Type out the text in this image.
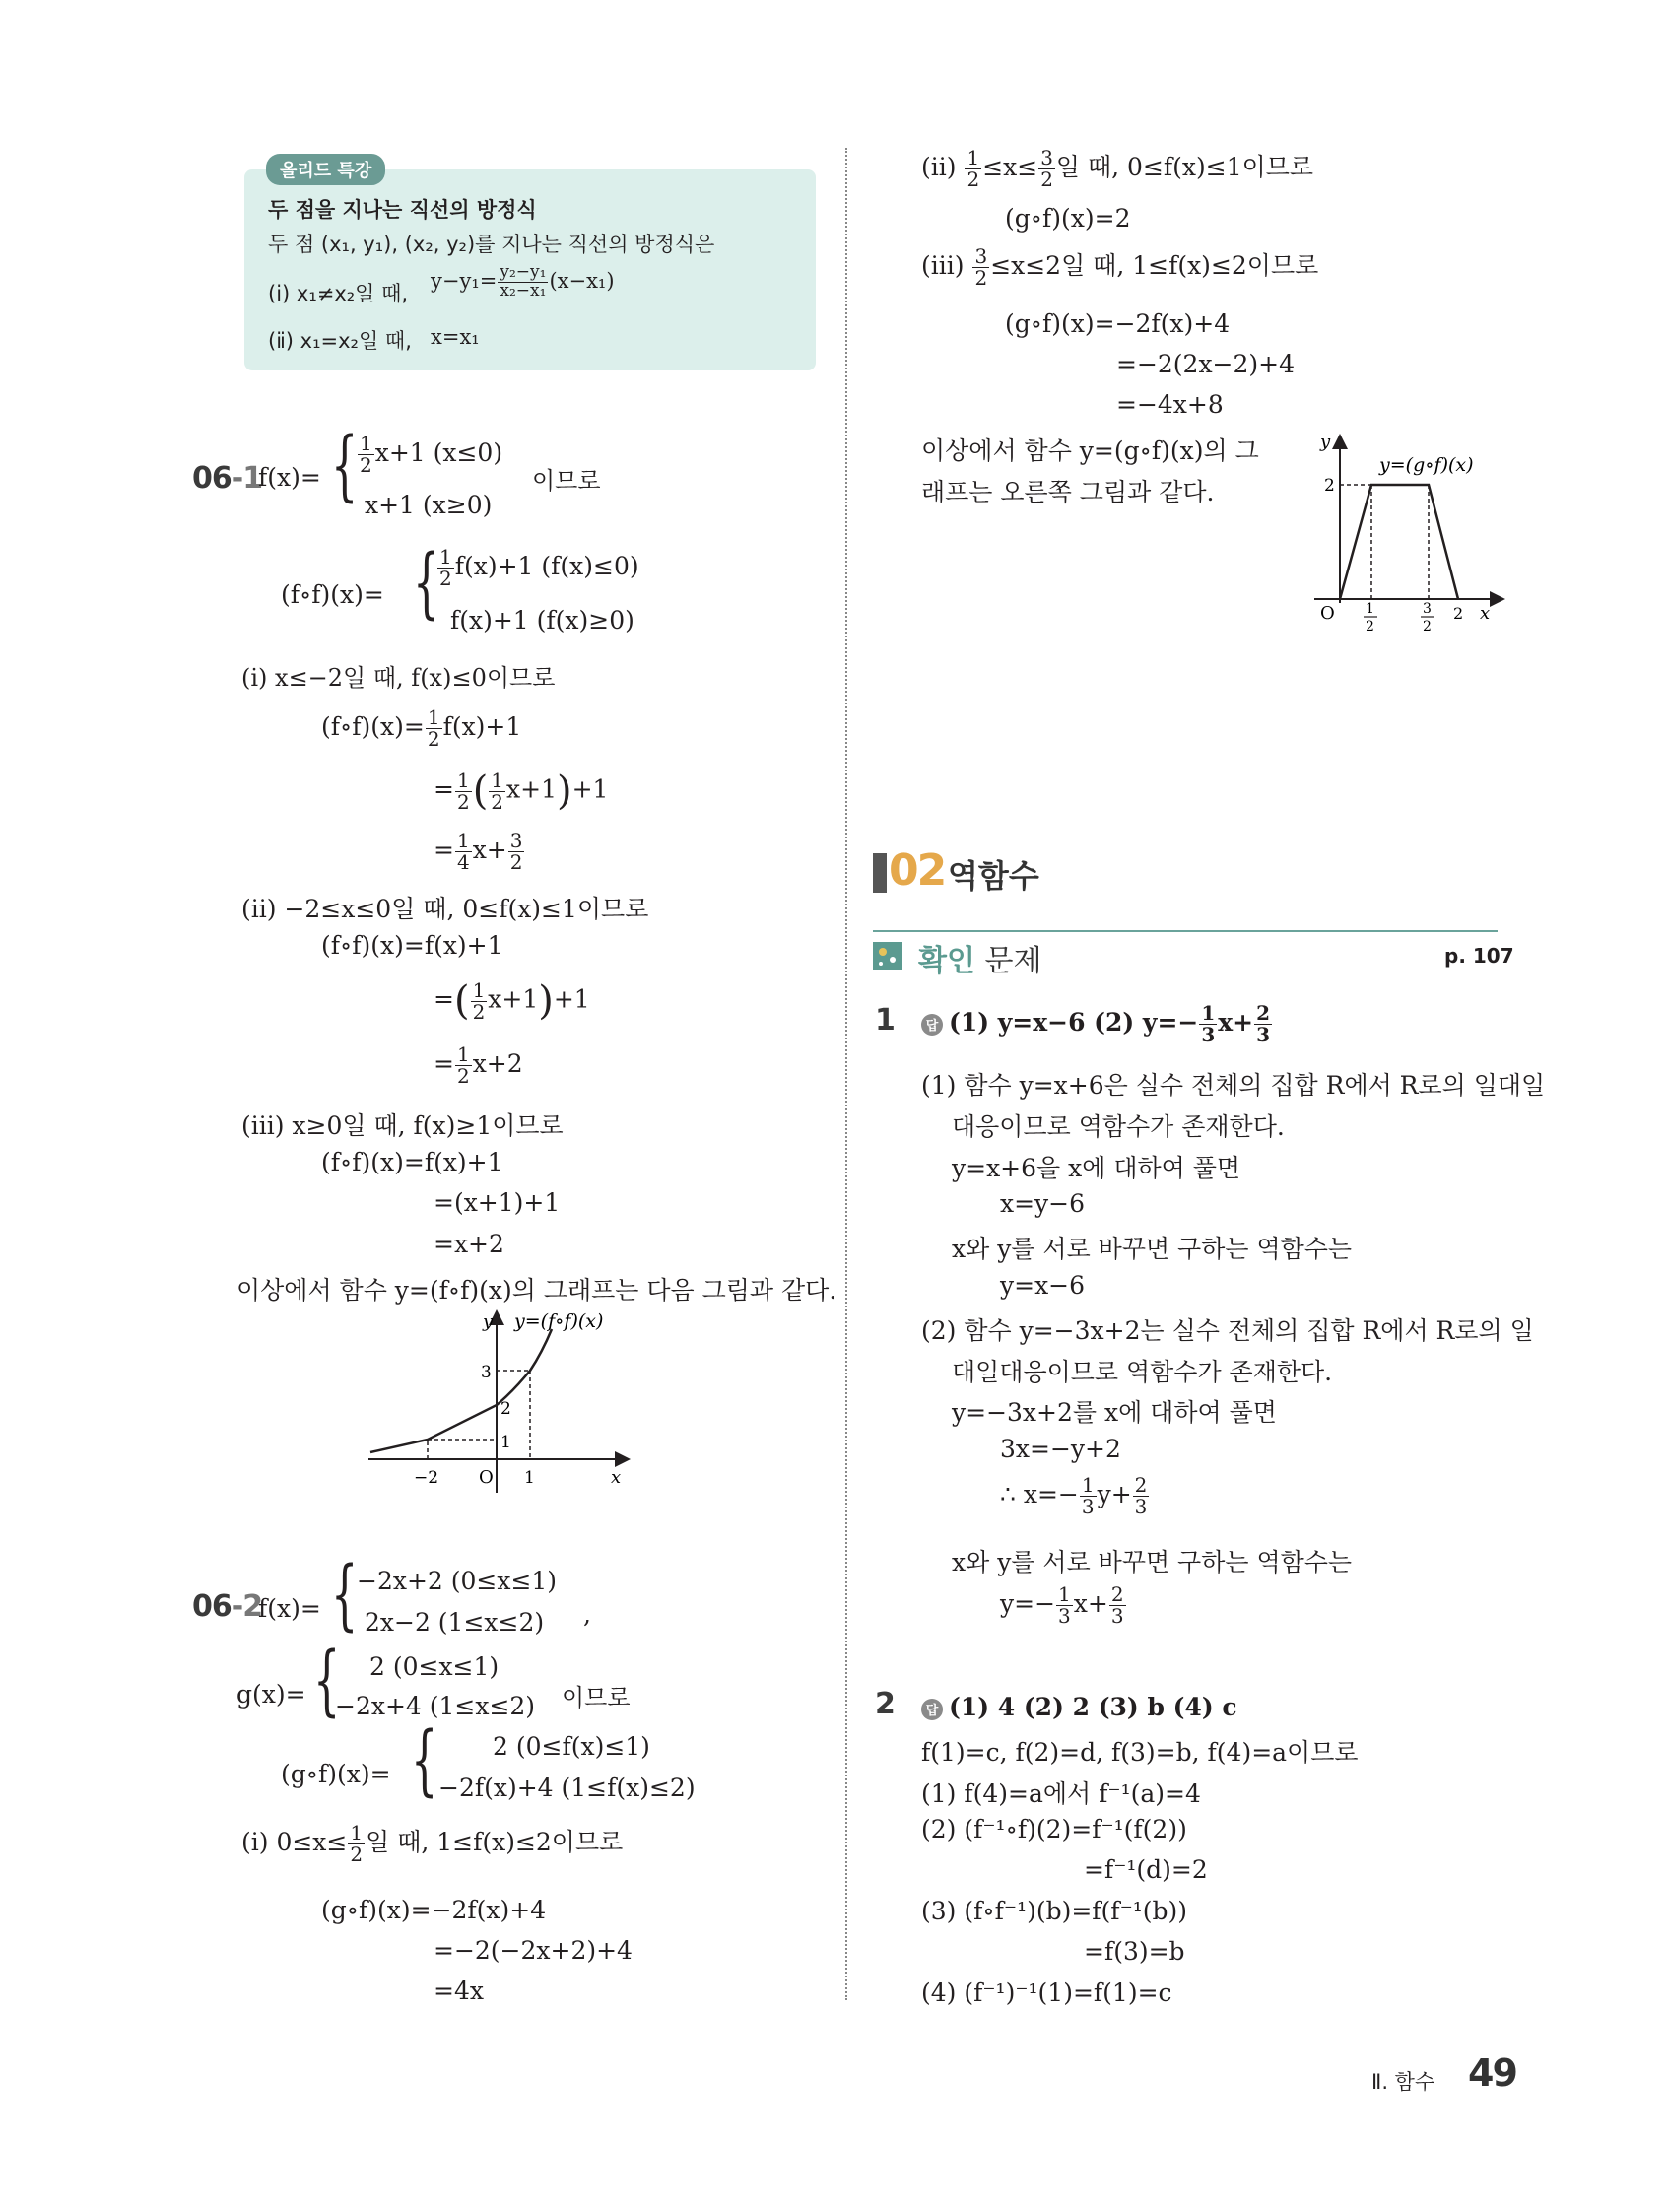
올리드 특강
두 점을 지나는 직선의 방정식
두 점 (x₁, y₁), (x₂, y₂)를 지나는 직선의 방정식은
(ⅰ) x₁≠x₂일 때,
$y-y_1= \frac{\text{y₂−y₁}}{\text{x₂−x₁}} (x-x_1)$
(ⅱ) x₁=x₂일 때, x=x₁
06-1
f(x)= { $\frac{1}{2} x+1$ (x≤0)
x+1 (x≥0)
이므로
(f∘f)(x)= {
$\frac{1}{2} f(x)+1$ (f(x)≤0)
f(x)+1 (f(x)≥0)
(ⅰ) x≤−2일 때, f(x)≤0이므로
(f∘f)(x)= $\frac{1}{2} f(x)+1$
= $\frac{1}{2}$ ( $\frac{1}{2} x+1)+1$
= $\frac{1}{4} x+ \frac{3}{2}$
(ⅱ) −2≤x≤0일 때, 0≤f(x)≤1이므로
(f∘f)(x)=f(x)+1
=( $\frac{1}{2} x+1)+1$
= $\frac{1}{2} x+2$
(ⅲ) x≥0일 때, f(x)≥1이므로
(f∘f)(x)=f(x)+1
=(x+1)+1
=x+2
이상에서 함수 y=(f∘f)(x)의 그래프는 다음 그림과 같다.
y y=(f∘f)(x)
x
O
3
2
1
−2	1
06-2
f(x)= {
−2x+2 (0≤x≤1)
2x−2 (1≤x≤2) ,
g(x)= { 2 (0≤x≤1)
−2x+4 (1≤x≤2) 이므로
(g∘f)(x)= { 2 (0≤f(x)≤1)
−2f(x)+4 (1≤f(x)≤2)
(ⅰ) $0\le x\le \frac{1}{2}$ 일 때, 1≤f(x)≤2이므로
(g∘f)(x)=−2f(x)+4
=−2(−2x+2)+4
=4x
(ⅱ) $\frac{1}{2} \le x\le \frac{3}{2}$ 일 때, 0≤f(x)≤1이므로
(g∘f)(x)=2
(ⅲ) $\frac{3}{2} \le x\le 2$일 때, 1≤f(x)≤2이므로
(g∘f)(x)=−2f(x)+4
=−2(2x−2)+4
=−4x+8
이상에서 함수 y=(g∘f)(x)의 그
래프는 오른쪽 그림과 같다.
y
y=(g∘f)(x)
2
O 1
2
3
2
2 x
02 역함수
확인 문제	p. 107
1	답 (1) y=x−6 (2) $y=- \frac{1}{3} x+ \frac{2}{3}$
(1) 함수 y=x+6은 실수 전체의 집합 R에서 R로의 일대일
대응이므로 역함수가 존재한다.
y=x+6을 x에 대하여 풀면
x=y−6
x와 y를 서로 바꾸면 구하는 역함수는
y=x−6
(2) 함수 y=−3x+2는 실수 전체의 집합 R에서 R로의 일
대일대응이므로 역함수가 존재한다.
y=−3x+2를 x에 대하여 풀면
3x=−y+2
∴ $x=- \frac{1}{3} y+ \frac{2}{3}$
x와 y를 서로 바꾸면 구하는 역함수는
$y=- \frac{1}{3} x+ \frac{2}{3}$
2	답 (1) 4 (2) 2 (3) b (4) c
f(1)=c, f(2)=d, f(3)=b, f(4)=a이므로
(1) f(4)=a에서 f⁻¹(a)=4
(2) (f⁻¹∘f)(2)=f⁻¹(f(2))
=f⁻¹(d)=2
(3) (f∘f⁻¹)(b)=f(f⁻¹(b))
=f(3)=b
(4) (f⁻¹)⁻¹(1)=f(1)=c
Ⅱ. 함수 49
